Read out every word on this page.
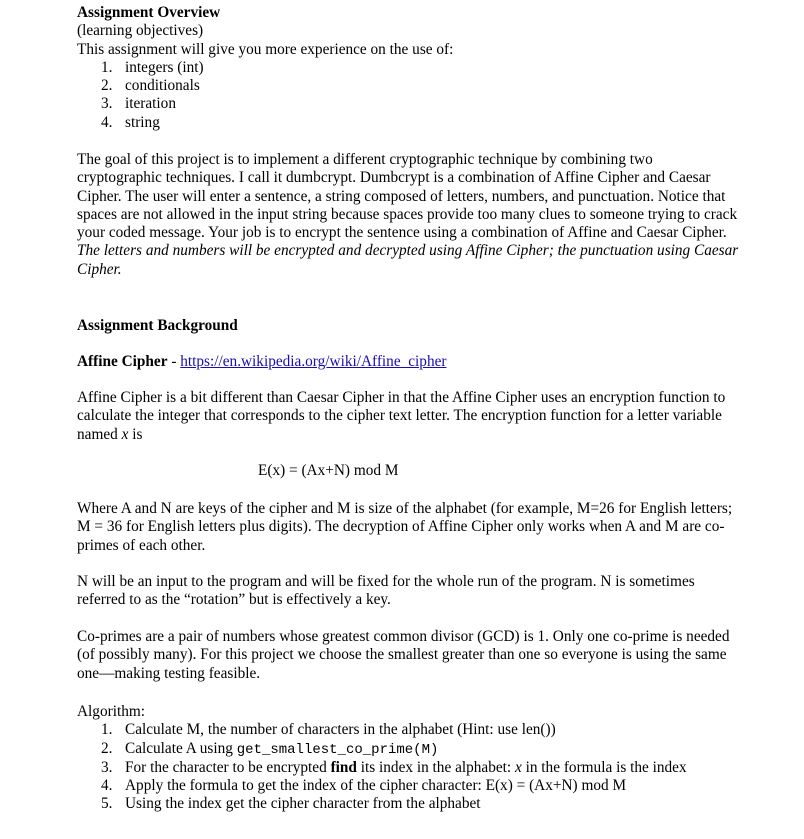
Assignment Overview
(learning objectives)
This assignment will give you more experience on the use of:
1. integers (int)
2. conditionals
3. iteration
4. string
The goal of this project is to implement a different cryptographic technique by combining two cryptographic techniques. I call it dumbcrypt. Dumbcrypt is a combination of Affine Cipher and Caesar Cipher. The user will enter a sentence, a string composed of letters, numbers, and punctuation. Notice that spaces are not allowed in the input string because spaces provide too many clues to someone trying to crack your coded message. Your job is to encrypt the sentence using a combination of Affine and Caesar Cipher. The letters and numbers will be encrypted and decrypted using Affine Cipher; the punctuation using Caesar Cipher.
Assignment Background
Affine Cipher - https://en.wikipedia.org/wiki/Affine_cipher
Affine Cipher is a bit different than Caesar Cipher in that the Affine Cipher uses an encryption function to calculate the integer that corresponds to the cipher text letter. The encryption function for a letter variable named x is
E(x) = (Ax+N) mod M
Where A and N are keys of the cipher and M is size of the alphabet (for example, M=26 for English letters; M = 36 for English letters plus digits). The decryption of Affine Cipher only works when A and M are co-primes of each other.
N will be an input to the program and will be fixed for the whole run of the program. N is sometimes referred to as the “rotation” but is effectively a key.
Co-primes are a pair of numbers whose greatest common divisor (GCD) is 1. Only one co-prime is needed (of possibly many). For this project we choose the smallest greater than one so everyone is using the same one—making testing feasible.
Algorithm:
1. Calculate M, the number of characters in the alphabet (Hint: use len())
2. Calculate A using get_smallest_co_prime(M)
3. For the character to be encrypted find its index in the alphabet: x in the formula is the index
4. Apply the formula to get the index of the cipher character: E(x) = (Ax+N) mod M
5. Using the index get the cipher character from the alphabet
